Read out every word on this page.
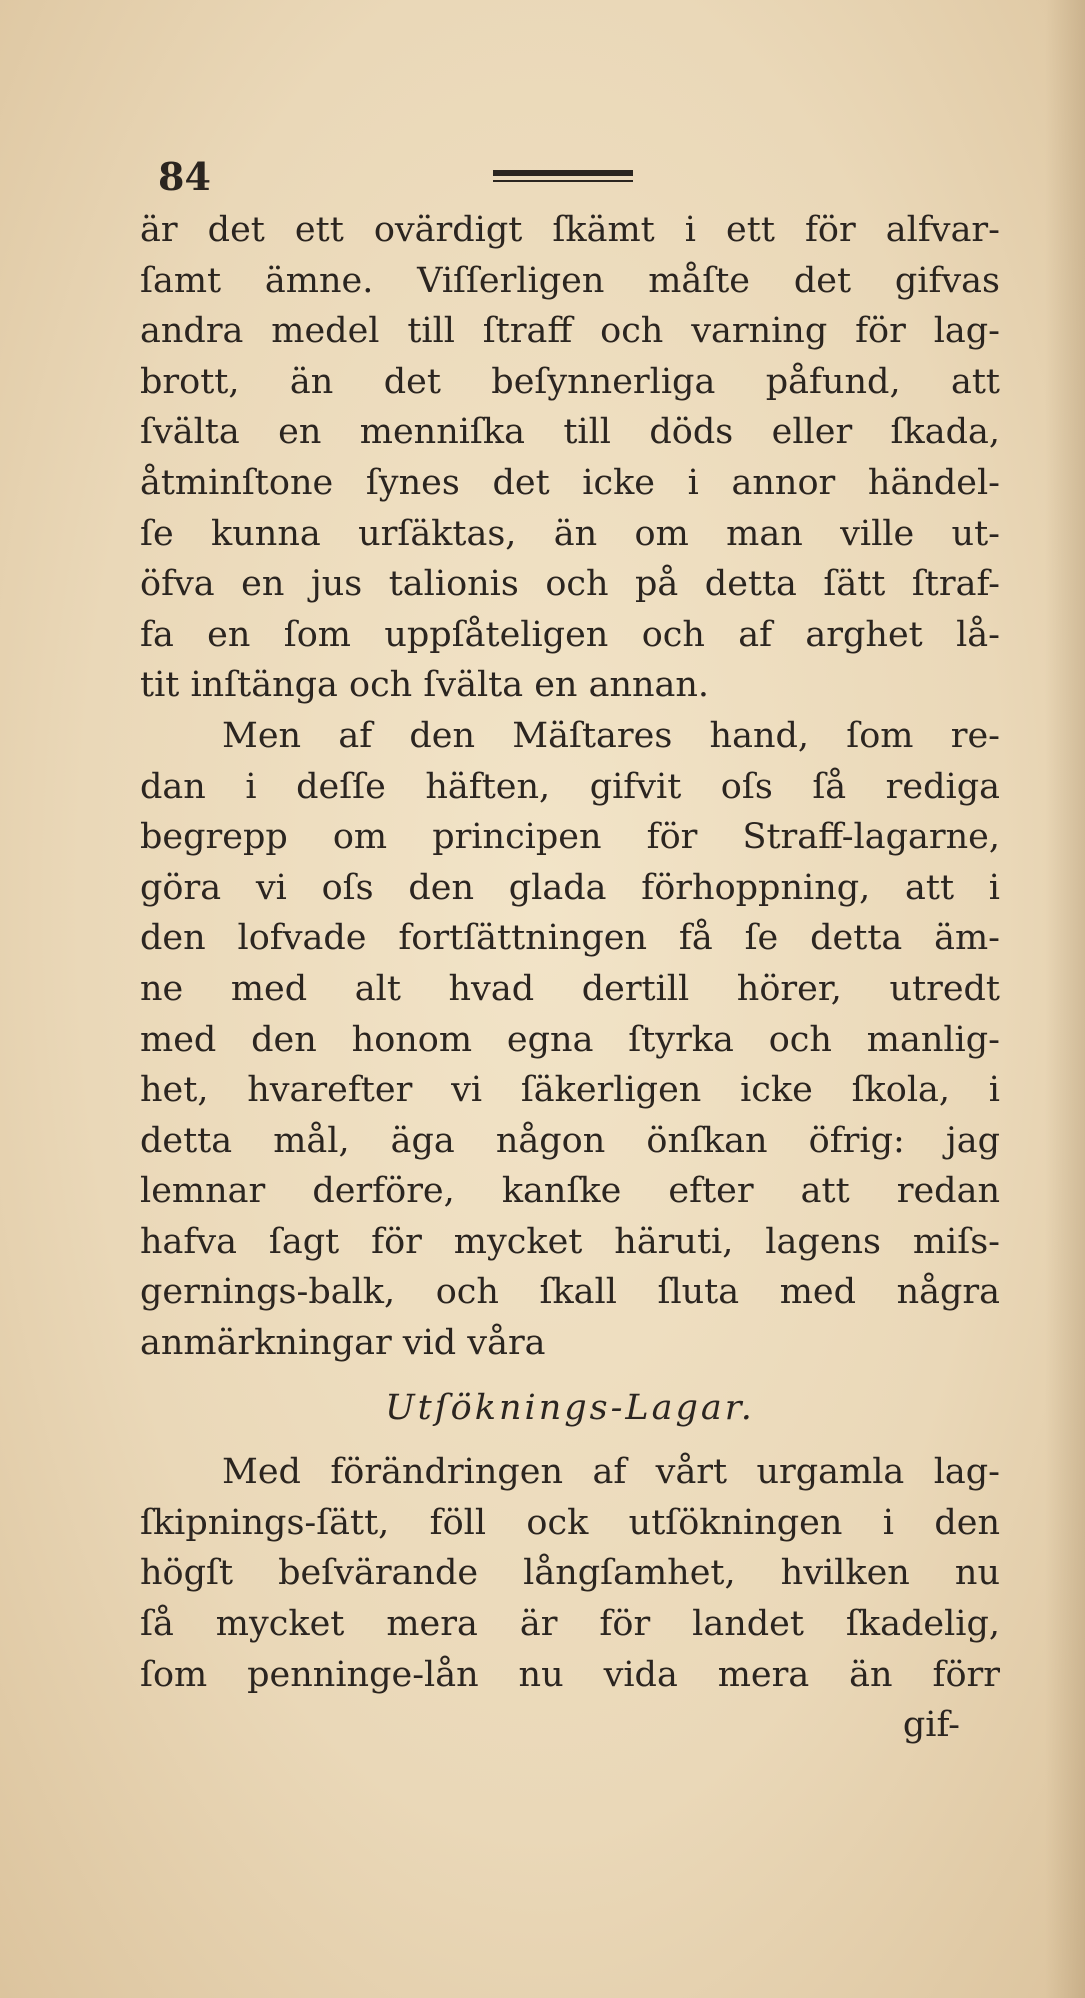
84
är det ett ovärdigt ſkämt i ett för alfvar-
ſamt ämne. Viſſerligen måſte det gifvas
andra medel till ſtraff och varning för lag-
brott, än det beſynnerliga påfund, att
ſvälta en menniſka till döds eller ſkada,
åtminſtone ſynes det icke i annor händel-
ſe kunna urſäktas, än om man ville ut-
öfva en jus talionis och på detta ſätt ſtraf-
fa en ſom uppſåteligen och af arghet lå-
tit inſtänga och ſvälta en annan.
Men af den Mäſtares hand, ſom re-
dan i deſſe häften, gifvit oſs ſå rediga
begrepp om principen för Straff-lagarne,
göra vi oſs den glada förhoppning, att i
den lofvade fortſättningen få ſe detta äm-
ne med alt hvad dertill hörer, utredt
med den honom egna ſtyrka och manlig-
het, hvarefter vi ſäkerligen icke ſkola, i
detta mål, äga någon önſkan öfrig: jag
lemnar derföre, kanſke efter att redan
hafva ſagt för mycket häruti, lagens miſs-
gernings-balk, och ſkall ſluta med några
anmärkningar vid våra
Utſöknings-Lagar.
Med förändringen af vårt urgamla lag-
ſkipnings-ſätt, föll ock utſökningen i den
högſt beſvärande långſamhet, hvilken nu
ſå mycket mera är för landet ſkadelig,
ſom penninge-lån nu vida mera än förr
gif-
